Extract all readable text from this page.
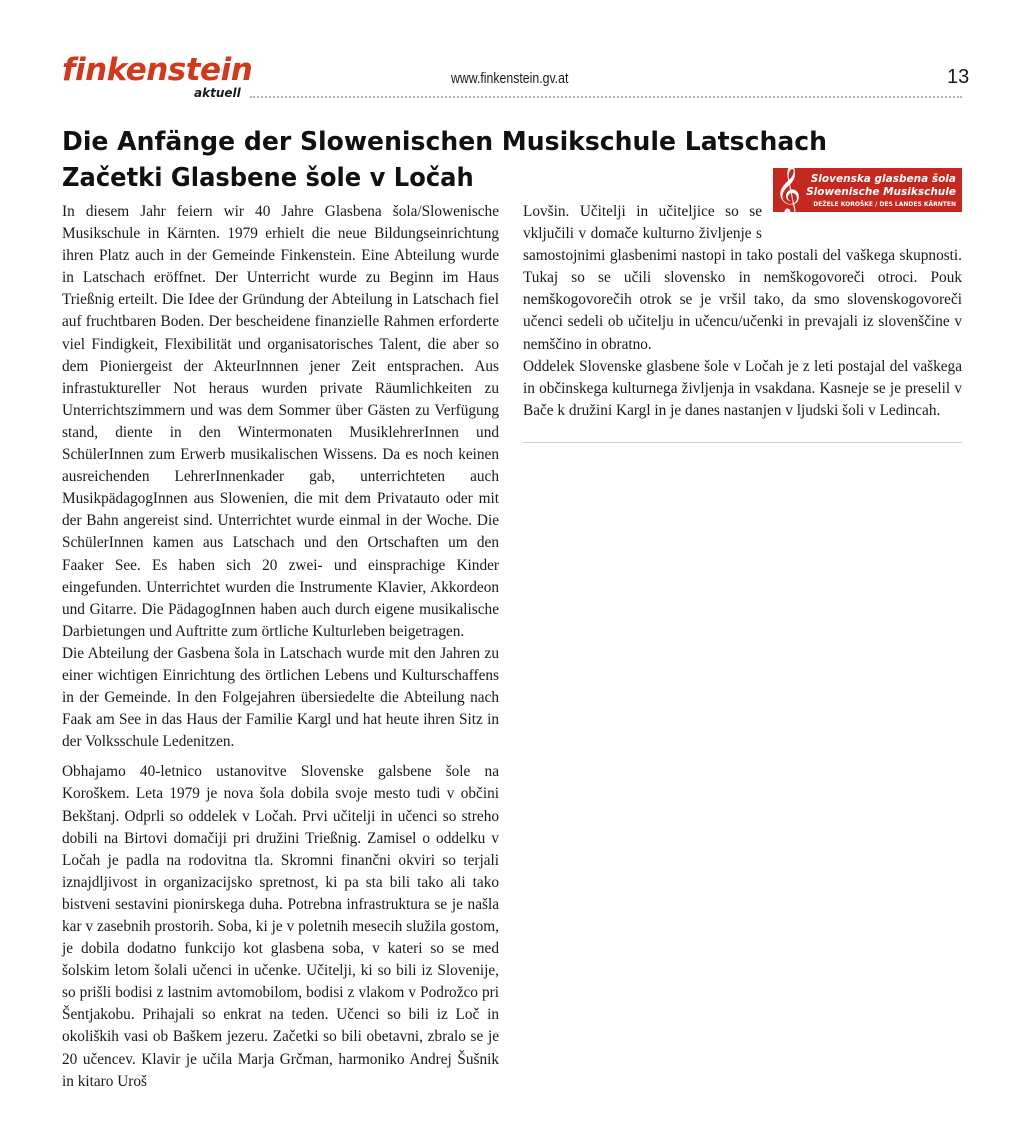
finkenstein
aktuell
www.finkenstein.gv.at	13
Die Anfänge der Slowenischen Musikschule Latschach
Začetki Glasbene šole v Ločah

In diesem Jahr feiern wir 40 Jahre Glasbena šola/Slowenische Musikschule in Kärnten. 1979 erhielt die neue Bildungseinrichtung ihren Platz auch in der Gemeinde Finkenstein. Eine Abteilung wurde in Latschach eröffnet. Der Unterricht wurde zu Beginn im Haus Trießnig erteilt. Die Idee der Gründung der Abteilung in Latschach fiel auf fruchtbaren Boden. Der bescheidene finanzielle Rahmen erforderte viel Findigkeit, Flexibilität und organisatorisches Talent, die aber so dem Pioniergeist der AkteurInnnen jener Zeit entsprachen. Aus infrastuktureller Not heraus wurden private Räumlichkeiten zu Unterrichtszimmern und was dem Sommer über Gästen zu Verfügung stand, diente in den Wintermonaten MusiklehrerInnen und SchülerInnen zum Erwerb musikalischen Wissens. Da es noch keinen ausreichenden LehrerInnenkader gab, unterrichteten auch MusikpädagogInnen aus Slowenien, die mit dem Privatauto oder mit der Bahn angereist sind. Unterrichtet wurde einmal in der Woche. Die SchülerInnen kamen aus Latschach und den Ortschaften um den Faaker See. Es haben sich 20 zwei- und einsprachige Kinder eingefunden. Unterrichtet wurden die Instrumente Klavier, Akkordeon und Gitarre. Die PädagogInnen haben auch durch eigene musikalische Darbietungen und Auftritte zum örtliche Kulturleben beigetragen.

Die Abteilung der Gasbena šola in Latschach wurde mit den Jahren zu einer wichtigen Einrichtung des örtlichen Lebens und Kulturschaffens in der Gemeinde. In den Folgejahren übersiedelte die Abteilung nach Faak am See in das Haus der Familie Kargl und hat heute ihren Sitz in der Volksschule Ledenitzen.

Obhajamo 40-letnico ustanovitve Slovenske galsbene šole na Koroškem. Leta 1979 je nova šola dobila svoje mesto tudi v občini Bekštanj. Odprli so oddelek v Ločah. Prvi učitelji in učenci so streho dobili na Birtovi domačiji pri družini Trießnig. Zamisel o oddelku v Ločah je padla na rodovitna tla. Skromni finančni okviri so terjali iznajdljivost in organizacijsko spretnost, ki pa sta bili tako ali tako bistveni sestavini pionirskega duha. Potrebna infrastruktura se je našla kar v zasebnih prostorih. Soba, ki je v poletnih mesecih služila gostom, je dobila dodatno funkcijo kot glasbena soba, v kateri so se med šolskim letom šolali učenci in učenke. Učitelji, ki so bili iz Slovenije, so prišli bodisi z lastnim avtomobilom, bodisi z vlakom v Podrožco pri Šentjakobu. Prihajali so enkrat na teden. Učenci so bili iz Loč in okoliških vasi ob Baškem jezeru. Začetki so bili obetavni, zbralo se je 20 učencev. Klavir je učila Marja Grčman, harmoniko Andrej Šušnik in kitaro Uroš

Lovšin. Učitelji in učiteljice so se vključili v domače kulturno življenje s samostojnimi glasbenimi nastopi in tako postali del vaškega skupnosti. Tukaj so se učili slovensko in nemškogovoreči otroci. Pouk nemškogovorečih otrok se je vršil tako, da smo slovenskogovoreči učenci sedeli ob učitelju in učencu/učenki in prevajali iz slovenščine v nemščino in obratno.

Oddelek Slovenske glasbene šole v Ločah je z leti postajal del vaškega in občinskega kulturnega življenja in vsakdana. Kasneje se je preselil v Bače k družini Kargl in je danes nastanjen v ljudski šoli v Ledincah.

𝄞 Slovenska glasbena šola
Slowenische Musikschule
DEŽELE KOROŠKE / DES LANDES KÄRNTEN
